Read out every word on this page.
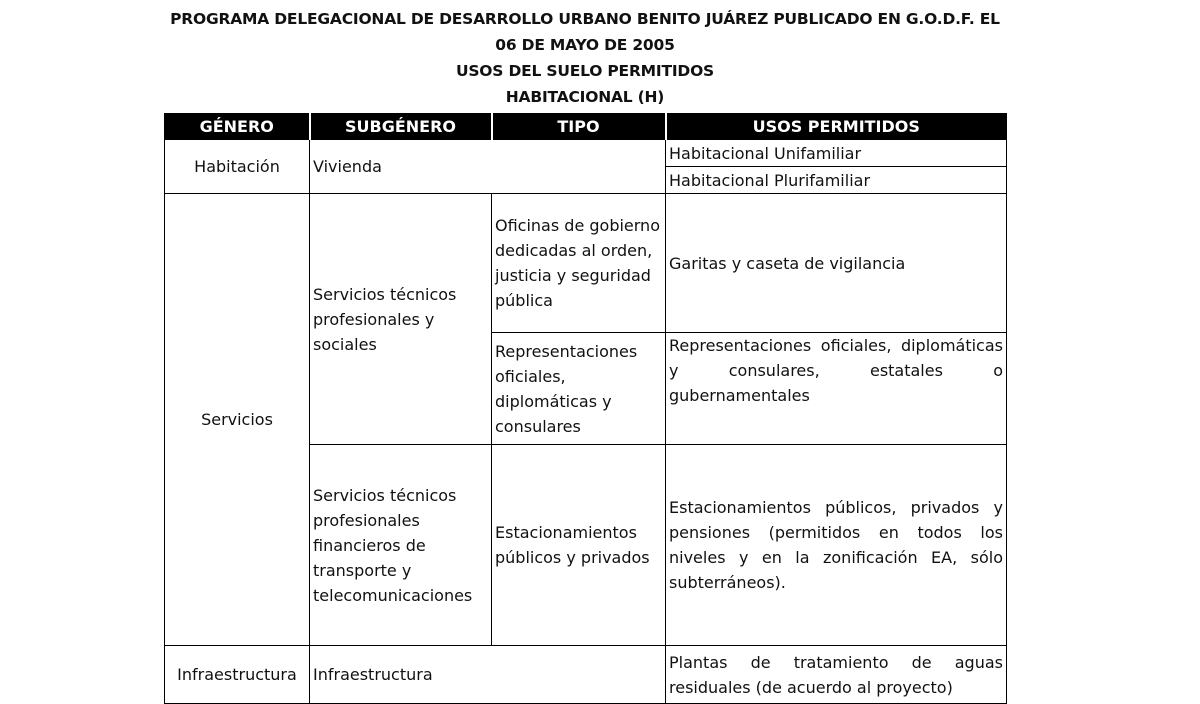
PROGRAMA DELEGACIONAL DE DESARROLLO URBANO BENITO JUÁREZ PUBLICADO EN G.O.D.F. EL
06 DE MAYO DE 2005
USOS DEL SUELO PERMITIDOS
HABITACIONAL (H)
GÉNERO	SUBGÉNERO	TIPO	USOS PERMITIDOS
Habitación	Vivienda		Habitacional Unifamiliar
			Habitacional Plurifamiliar
Servicios	Servicios técnicos profesionales y sociales	Oficinas de gobierno dedicadas al orden, justicia y seguridad pública	Garitas y caseta de vigilancia
		Representaciones oficiales, diplomáticas y consulares	Representaciones oficiales, diplomáticas y consulares, estatales o gubernamentales
	Servicios técnicos profesionales financieros de transporte y telecomunicaciones	Estacionamientos públicos y privados	Estacionamientos públicos, privados y pensiones (permitidos en todos los niveles y en la zonificación EA, sólo subterráneos).
Infraestructura	Infraestructura		Plantas de tratamiento de aguas residuales (de acuerdo al proyecto)
